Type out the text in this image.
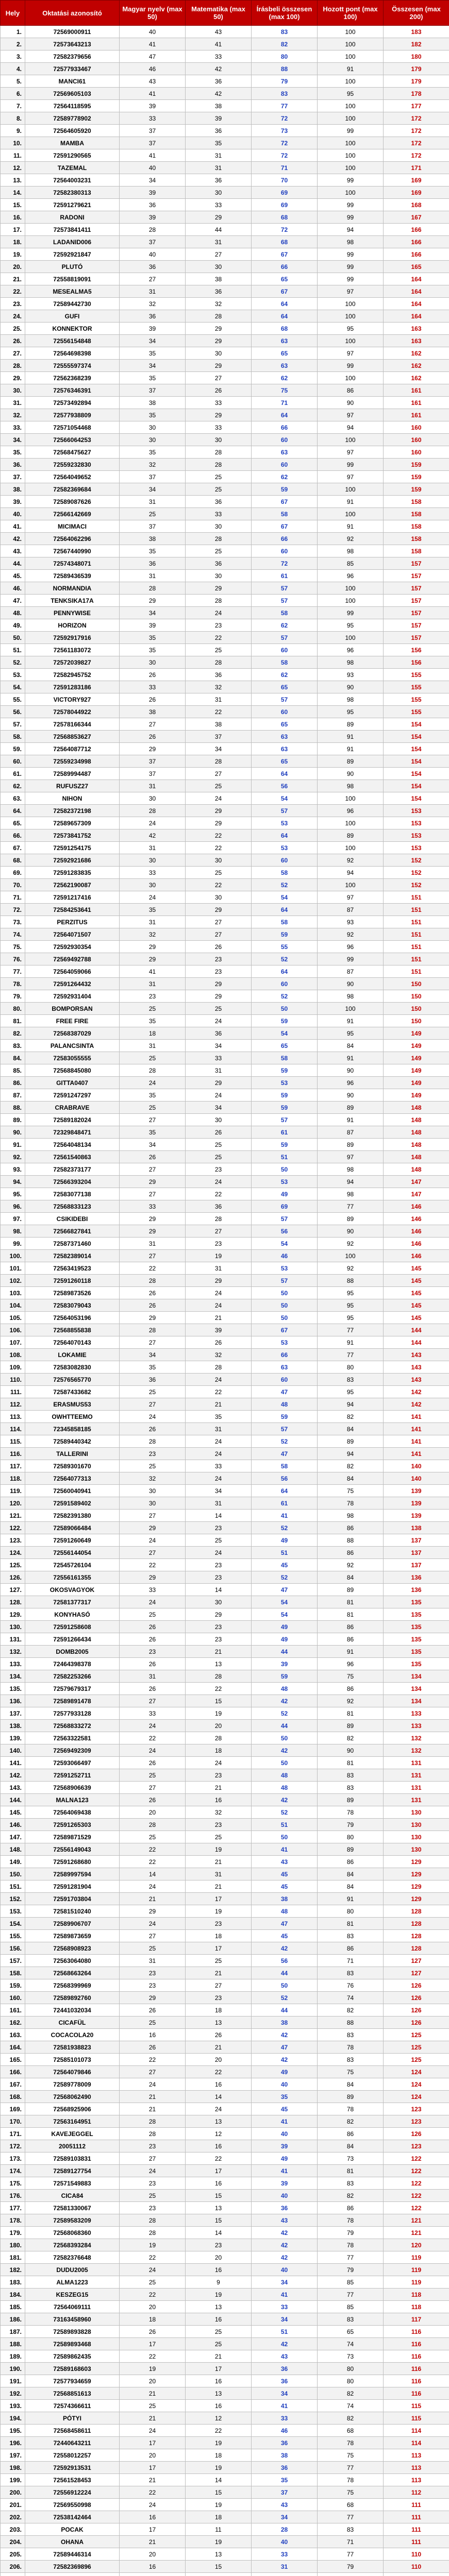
Hely	Oktatási azonosító	Magyar nyelv (max 50)	Matematika (max 50)	Írásbeli összesen (max 100)	Hozott pont (max 100)	Összesen (max 200)
1.	72569000911	40	43	83	100	183
2.	72573643213	41	41	82	100	182
3.	72582379656	47	33	80	100	180
4.	72577933467	46	42	88	91	179
5.	MANCI61	43	36	79	100	179
6.	72569605103	41	42	83	95	178
7.	72564118595	39	38	77	100	177
8.	72589778902	33	39	72	100	172
9.	72564605920	37	36	73	99	172
10.	MAMBA	37	35	72	100	172
11.	72591290565	41	31	72	100	172
12.	TAZEMAL	40	31	71	100	171
13.	72564003231	34	36	70	99	169
14.	72582380313	39	30	69	100	169
15.	72591279621	36	33	69	99	168
16.	RADONI	39	29	68	99	167
17.	72573841411	28	44	72	94	166
18.	LADANID006	37	31	68	98	166
19.	72592921847	40	27	67	99	166
20.	PLUTÓ	36	30	66	99	165
21.	72558819091	27	38	65	99	164
22.	MESEALMA5	31	36	67	97	164
23.	72589442730	32	32	64	100	164
24.	GUFI	36	28	64	100	164
25.	KONNEKTOR	39	29	68	95	163
26.	72556154848	34	29	63	100	163
27.	72564698398	35	30	65	97	162
28.	72555597374	34	29	63	99	162
29.	72562368239	35	27	62	100	162
30.	72576346391	37	26	75	86	161
31.	72573492894	38	33	71	90	161
32.	72577938809	35	29	64	97	161
33.	72571054468	30	33	66	94	160
34.	72566064253	30	30	60	100	160
35.	72568475627	35	28	63	97	160
36.	72559232830	32	28	60	99	159
37.	72564049652	37	25	62	97	159
38.	72582369684	34	25	59	100	159
39.	72589087626	31	36	67	91	158
40.	72566142669	25	33	58	100	158
41.	MICIMACI	37	30	67	91	158
42.	72564062296	38	28	66	92	158
43.	72567440990	35	25	60	98	158
44.	72574348071	36	36	72	85	157
45.	72589436539	31	30	61	96	157
46.	NORMANDIA	28	29	57	100	157
47.	TENKSIKA17A	29	28	57	100	157
48.	PENNYWISE	34	24	58	99	157
49.	HORIZON	39	23	62	95	157
50.	72592917916	35	22	57	100	157
51.	72561183072	35	25	60	96	156
52.	72572039827	30	28	58	98	156
53.	72582945752	26	36	62	93	155
54.	72591283186	33	32	65	90	155
55.	VICTORY927	26	31	57	98	155
56.	72578044922	38	22	60	95	155
57.	72578166344	27	38	65	89	154
58.	72568853627	26	37	63	91	154
59.	72564087712	29	34	63	91	154
60.	72559234998	37	28	65	89	154
61.	72589994487	37	27	64	90	154
62.	RUFUSZ27	31	25	56	98	154
63.	NIHON	30	24	54	100	154
64.	72582372198	28	29	57	96	153
65.	72589657309	24	29	53	100	153
66.	72573841752	42	22	64	89	153
67.	72591254175	31	22	53	100	153
68.	72592921686	30	30	60	92	152
69.	72591283835	33	25	58	94	152
70.	72562190087	30	22	52	100	152
71.	72591217416	24	30	54	97	151
72.	72584253641	35	29	64	87	151
73.	PERZITUS	31	27	58	93	151
74.	72564071507	32	27	59	92	151
75.	72592930354	29	26	55	96	151
76.	72569492788	29	23	52	99	151
77.	72564059066	41	23	64	87	151
78.	72591264432	31	29	60	90	150
79.	72592931404	23	29	52	98	150
80.	BOMPORSAN	25	25	50	100	150
81.	FREE FIRE	35	24	59	91	150
82.	72568387029	18	36	54	95	149
83.	PALANCSINTA	31	34	65	84	149
84.	72583055555	25	33	58	91	149
85.	72568845080	28	31	59	90	149
86.	GITTA0407	24	29	53	96	149
87.	72591247297	35	24	59	90	149
88.	CRABRAVE	25	34	59	89	148
89.	72589182024	27	30	57	91	148
90.	72329848471	35	26	61	87	148
91.	72564048134	34	25	59	89	148
92.	72561540863	26	25	51	97	148
93.	72582373177	27	23	50	98	148
94.	72566393204	29	24	53	94	147
95.	72583077138	27	22	49	98	147
96.	72568833123	33	36	69	77	146
97.	CSIKIDEBI	29	28	57	89	146
98.	72566827841	29	27	56	90	146
99.	72587371460	31	23	54	92	146
100.	72582389014	27	19	46	100	146
101.	72563419523	22	31	53	92	145
102.	72591260118	28	29	57	88	145
103.	72589873526	26	24	50	95	145
104.	72583079043	26	24	50	95	145
105.	72564053196	29	21	50	95	145
106.	72568855838	28	39	67	77	144
107.	72564070143	27	26	53	91	144
108.	LOKAMIE	34	32	66	77	143
109.	72583082830	35	28	63	80	143
110.	72576565770	36	24	60	83	143
111.	72587433682	25	22	47	95	142
112.	ERASMUS53	27	21	48	94	142
113.	OWHTTEEMO	24	35	59	82	141
114.	72345858185	26	31	57	84	141
115.	72589440342	28	24	52	89	141
116.	TALLERINI	23	24	47	94	141
117.	72589301670	25	33	58	82	140
118.	72564077313	32	24	56	84	140
119.	72560040941	30	34	64	75	139
120.	72591589402	30	31	61	78	139
121.	72582391380	27	14	41	98	139
122.	72589066484	29	23	52	86	138
123.	72591260649	24	25	49	88	137
124.	72556144054	27	24	51	86	137
125.	72545726104	22	23	45	92	137
126.	72556161355	29	23	52	84	136
127.	OKOSVAGYOK	33	14	47	89	136
128.	72581377317	24	30	54	81	135
129.	KONYHASÓ	25	29	54	81	135
130.	72591258608	26	23	49	86	135
131.	72591266434	26	23	49	86	135
132.	DOMB2005	23	21	44	91	135
133.	72464398378	26	13	39	96	135
134.	72582253266	31	28	59	75	134
135.	72579679317	26	22	48	86	134
136.	72589891478	27	15	42	92	134
137.	72577933128	33	19	52	81	133
138.	72568833272	24	20	44	89	133
139.	72563322581	22	28	50	82	132
140.	72569492309	24	18	42	90	132
141.	72593066497	26	24	50	81	131
142.	72591252711	25	23	48	83	131
143.	72568906639	27	21	48	83	131
144.	MALNA123	26	16	42	89	131
145.	72564069438	20	32	52	78	130
146.	72591265303	28	23	51	79	130
147.	72589871529	25	25	50	80	130
148.	72556149043	22	19	41	89	130
149.	72591268680	22	21	43	86	129
150.	72589997594	14	31	45	84	129
151.	72591281904	24	21	45	84	129
152.	72591703804	21	17	38	91	129
153.	72581510240	29	19	48	80	128
154.	72589906707	24	23	47	81	128
155.	72589873659	27	18	45	83	128
156.	72568908923	25	17	42	86	128
157.	72563064080	31	25	56	71	127
158.	72568663264	23	21	44	83	127
159.	72568399969	23	27	50	76	126
160.	72589892760	29	23	52	74	126
161.	72441032034	26	18	44	82	126
162.	CICAFÜL	25	13	38	88	126
163.	COCACOLA20	16	26	42	83	125
164.	72581938823	26	21	47	78	125
165.	72585101073	22	20	42	83	125
166.	72564079846	27	22	49	75	124
167.	72589778009	24	16	40	84	124
168.	72568062490	21	14	35	89	124
169.	72568925906	21	24	45	78	123
170.	72563164951	28	13	41	82	123
171.	KAVEJEGGEL	28	12	40	86	126
172.	20051112	23	16	39	84	123
173.	72589103831	27	22	49	73	122
174.	72589127754	24	17	41	81	122
175.	72571549883	23	16	39	83	122
176.	CICA84	25	15	40	82	122
177.	72581330067	23	13	36	86	122
178.	72589583209	28	15	43	78	121
179.	72568068360	28	14	42	79	121
180.	72568393284	19	23	42	78	120
181.	72582376648	22	20	42	77	119
182.	DUDU2005	24	16	40	79	119
183.	ALMA1223	25	9	34	85	119
184.	KESZEG15	22	19	41	77	118
185.	72564069111	20	13	33	85	118
186.	73163458960	18	16	34	83	117
187.	72589893828	26	25	51	65	116
188.	72589893468	17	25	42	74	116
189.	72589862435	22	21	43	73	116
190.	72589168603	19	17	36	80	116
191.	72577934659	20	16	36	80	116
192.	72568851613	21	13	34	82	116
193.	72574366611	25	16	41	74	115
194.	PÓTYI	21	12	33	82	115
195.	72568458611	24	22	46	68	114
196.	72440643211	17	19	36	78	114
197.	72558012257	20	18	38	75	113
198.	72592913531	17	19	36	77	113
199.	72561528453	21	14	35	78	113
200.	72556912224	22	15	37	75	112
201.	72569550998	24	19	43	68	111
202.	72538142464	16	18	34	77	111
203.	POCAK	17	11	28	83	111
204.	OHANA	21	19	40	71	111
205.	72589446314	20	13	33	77	110
206.	72582369896	16	15	31	79	110
